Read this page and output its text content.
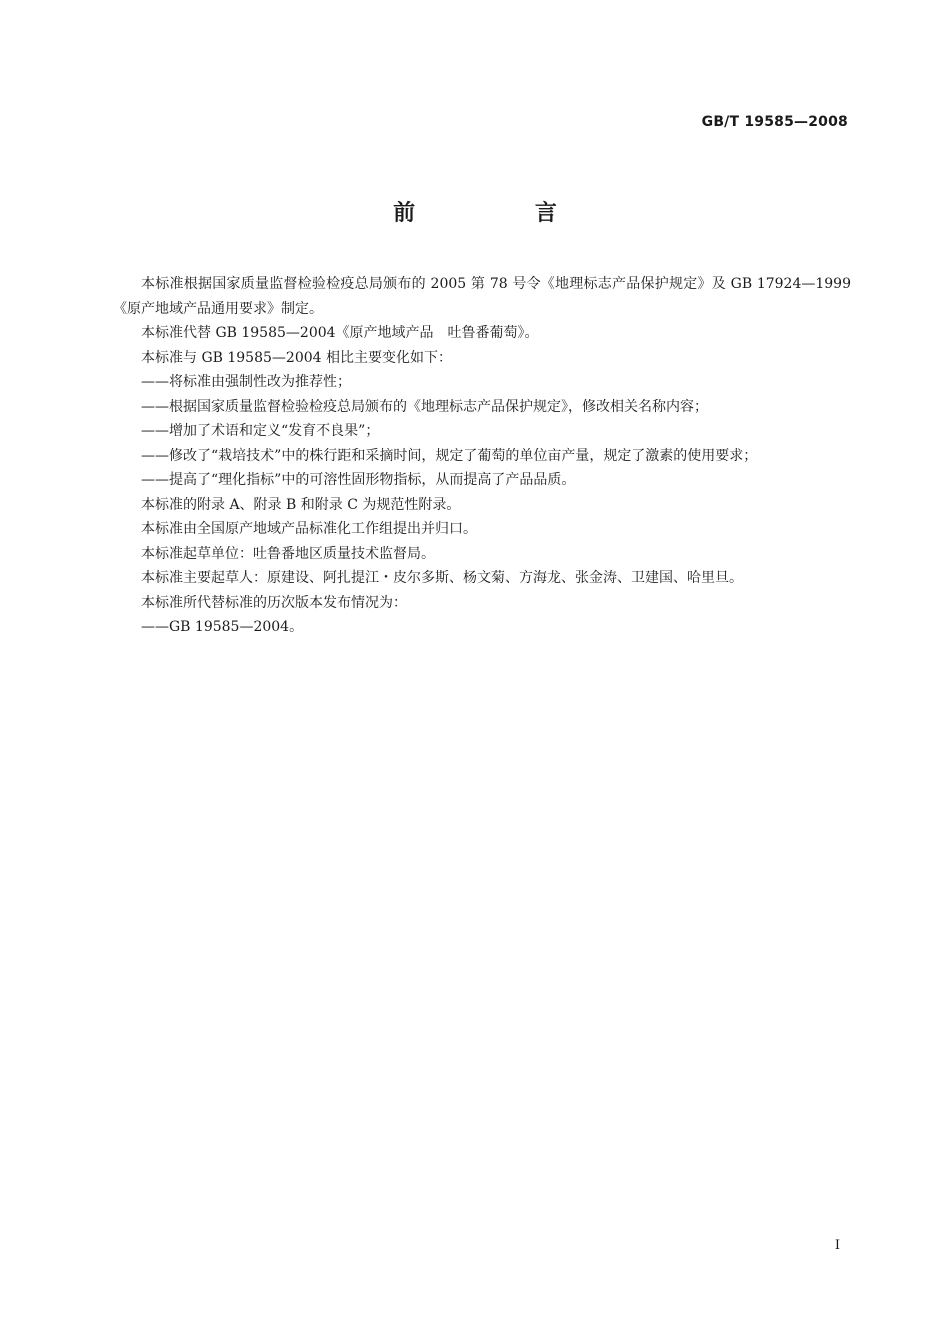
GB/T 19585—2008
前 言

本标准根据国家质量监督检验检疫总局颁布的 2005 第 78 号令《地理标志产品保护规定》及 GB 17924—1999《原产地域产品通用要求》制定。

本标准代替 GB 19585—2004《原产地域产品　吐鲁番葡萄》。

本标准与 GB 19585—2004 相比主要变化如下：

——将标准由强制性改为推荐性；

——根据国家质量监督检验检疫总局颁布的《地理标志产品保护规定》，修改相关名称内容；

——增加了术语和定义“发育不良果”；

——修改了“栽培技术”中的株行距和采摘时间，规定了葡萄的单位亩产量，规定了激素的使用要求；

——提高了“理化指标”中的可溶性固形物指标，从而提高了产品品质。

本标准的附录 A、附录 B 和附录 C 为规范性附录。

本标准由全国原产地域产品标准化工作组提出并归口。

本标准起草单位：吐鲁番地区质量技术监督局。

本标准主要起草人：原建设、阿扎提江・皮尔多斯、杨文菊、方海龙、张金涛、卫建国、哈里旦。

本标准所代替标准的历次版本发布情况为：

——GB 19585—2004。

I
